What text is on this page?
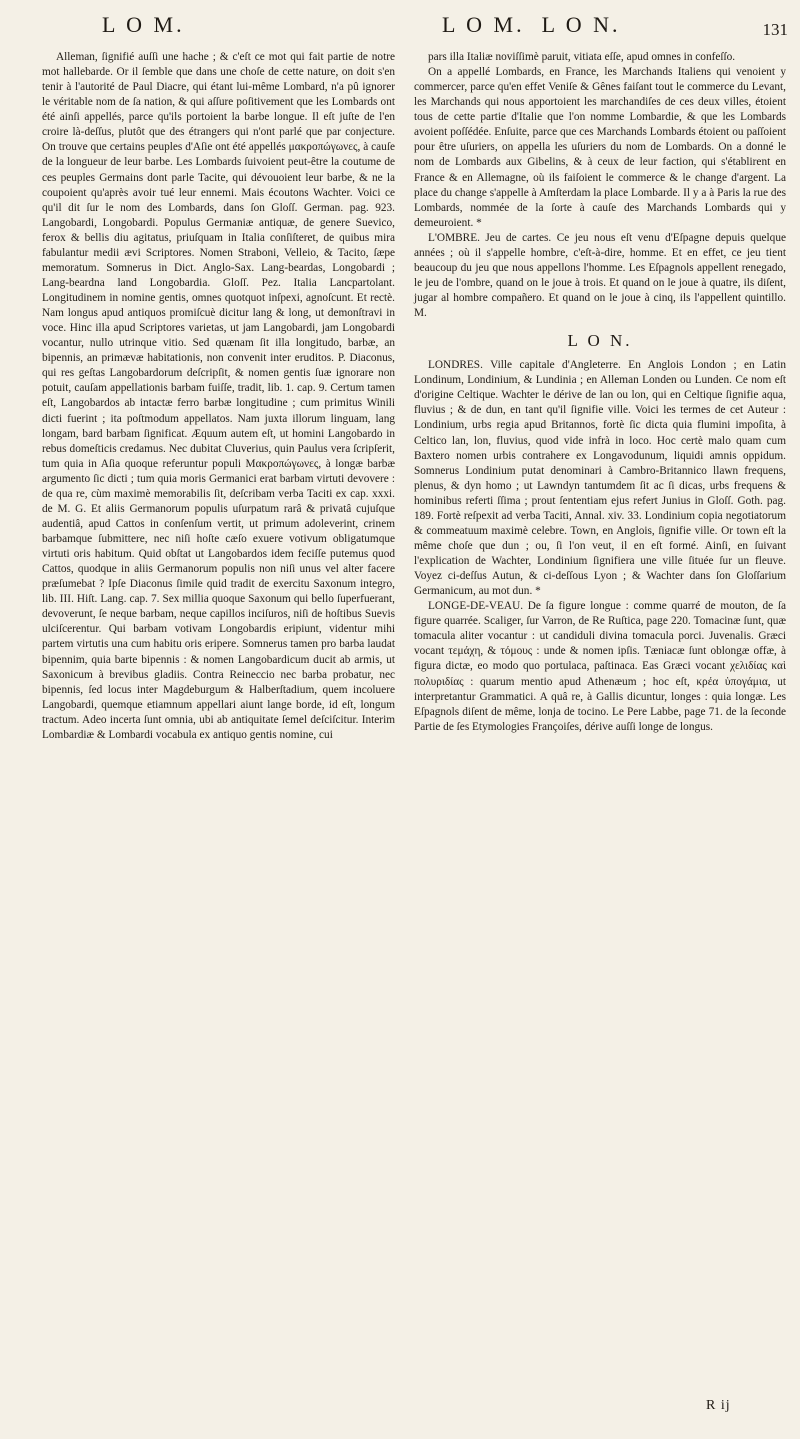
L O M.

	L O M.  L O N.

	131

Alleman, ſignifié auſſi une hache ; & c'eſt ce mot qui fait partie de notre mot hallebarde. Or il ſemble que dans une choſe de cette nature, on doit s'en tenir à l'autorité de Paul Diacre, qui étant lui-même Lombard, n'a pû ignorer le véritable nom de ſa nation, & qui aſſure poſitivement que les Lombards ont été ainſi appellés, parce qu'ils portoient la barbe longue. Il eſt juſte de l'en croire là-deſſus, plutôt que des étrangers qui n'ont parlé que par conjecture. On trouve que certains peuples d'Aſie ont été appellés μακροπώγωνες, à cauſe de la longueur de leur barbe. Les Lombards ſuivoient peut-être la coutume de ces peuples Germains dont parle Tacite, qui dévouoient leur barbe, & ne la coupoient qu'après avoir tué leur ennemi. Mais écoutons Wachter. Voici ce qu'il dit ſur le nom des Lombards, dans ſon Gloſſ. German. pag. 923. Langobardi, Longobardi. Populus Germaniæ antiquæ, de genere Suevico, ferox & bellis diu agitatus, priuſquam in Italia conſiſteret, de quibus mira fabulantur medii ævi Scriptores. Nomen Straboni, Velleio, & Tacito, ſæpe memoratum. Somnerus in Dict. Anglo-Sax. Lang-beardas, Longobardi ; Lang-beardna land Longobardia. Gloſſ. Pez. Italia Lancpartolant. Longitudinem in nomine gentis, omnes quotquot inſpexi, agnoſcunt. Et rectè. Nam longus apud antiquos promiſcuè dicitur lang & long, ut demonſtravi in voce. Hinc illa apud Scriptores varietas, ut jam Langobardi, jam Longobardi vocantur, nullo utrinque vitio. Sed quænam ſit illa longitudo, barbæ, an bipennis, an primævæ habitationis, non convenit inter eruditos. P. Diaconus, qui res geſtas Langobardorum deſcripſit, & nomen gentis ſuæ ignorare non potuit, cauſam appellationis barbam fuiſſe, tradit, lib. 1. cap. 9. Certum tamen eſt, Langobardos ab intactæ ferro barbæ longitudine ; cum primitus Winili dicti fuerint ; ita poſtmodum appellatos. Nam juxta illorum linguam, lang longam, bard barbam ſignificat. Æquum autem eſt, ut homini Langobardo in rebus domeſticis credamus. Nec dubitat Cluverius, quin Paulus vera ſcripſerit, tum quia in Aſia quoque referuntur populi Μακροπώγωνες, à longæ barbæ argumento ſic dicti ; tum quia moris Germanici erat barbam virtuti devovere : de qua re, cùm maximè memorabilis ſit, deſcribam verba Taciti ex cap. xxxi. de M. G. Et aliis Germanorum populis uſurpatum rarâ & privatâ cujuſque audentiâ, apud Cattos in conſenſum vertit, ut primum adoleverint, crinem barbamque ſubmittere, nec niſi hoſte cæſo exuere votivum obligatumque virtuti oris habitum. Quid obſtat ut Langobardos idem feciſſe putemus quod Cattos, quodque in aliis Germanorum populis non niſi unus vel alter facere præſumebat ? Ipſe Diaconus ſimile quid tradit de exercitu Saxonum integro, lib. III. Hiſt. Lang. cap. 7. Sex millia quoque Saxonum qui bello ſuperfuerant, devoverunt, ſe neque barbam, neque capillos inciſuros, niſi de hoſtibus Suevis ulciſcerentur. Qui barbam votivam Longobardis eripiunt, videntur mihi partem virtutis una cum habitu oris eripere. Somnerus tamen pro barba laudat bipennim, quia barte bipennis : & nomen Langobardicum ducit ab armis, ut Saxonicum à brevibus gladiis. Contra Reineccio nec barba probatur, nec bipennis, ſed locus inter Magdeburgum & Halberſtadium, quem incoluere Langobardi, quemque etiamnum appellari aiunt lange borde, id eſt, longum tractum. Adeo incerta ſunt omnia, ubi ab antiquitate ſemel deſciſcitur. Interim Lombardiæ & Lombardi vocabula ex antiquo gentis nomine, cui

pars illa Italiæ noviſſimè paruit, vitiata eſſe, apud omnes in confeſſo.

On a appellé Lombards, en France, les Marchands Italiens qui venoient y commercer, parce qu'en effet Veniſe & Gênes faiſant tout le commerce du Levant, les Marchands qui nous apportoient les marchandiſes de ces deux villes, étoient tous de cette partie d'Italie que l'on nomme Lombardie, & que les Lombards avoient poſſédée. Enſuite, parce que ces Marchands Lombards étoient ou paſſoient pour être uſuriers, on appella les uſuriers du nom de Lombards. On a donné le nom de Lombards aux Gibelins, & à ceux de leur faction, qui s'établirent en France & en Allemagne, où ils faiſoient le commerce & le change d'argent. La place du change s'appelle à Amſterdam la place Lombarde. Il y a à Paris la rue des Lombards, nommée de la ſorte à cauſe des Marchands Lombards qui y demeuroient. *

L'OMBRE. Jeu de cartes. Ce jeu nous eſt venu d'Eſpagne depuis quelque années ; où il s'appelle hombre, c'eſt-à-dire, homme. Et en effet, ce jeu tient beaucoup du jeu que nous appellons l'homme. Les Eſpagnols appellent renegado, le jeu de l'ombre, quand on le joue à trois. Et quand on le joue à quatre, ils diſent, jugar al hombre compañero. Et quand on le joue à cinq, ils l'appellent quintillo. M.

L O N.

LONDRES. Ville capitale d'Angleterre. En Anglois London ; en Latin Londinum, Londinium, & Lundinia ; en Alleman Londen ou Lunden. Ce nom eſt d'origine Celtique. Wachter le dérive de lan ou lon, qui en Celtique ſignifie aqua, fluvius ; & de dun, en tant qu'il ſignifie ville. Voici les termes de cet Auteur : Londinium, urbs regia apud Britannos, fortè ſic dicta quia flumini impoſita, à Celtico lan, lon, fluvius, quod vide infrà in loco. Hoc certè malo quam cum Baxtero nomen urbis contrahere ex Longavodunum, liquidi amnis oppidum. Somnerus Londinium putat denominari à Cambro-Britannico llawn frequens, plenus, & dyn homo ; ut Lawndyn tantumdem ſit ac ſi dicas, urbs frequens & hominibus referti ſſima ; prout ſententiam ejus refert Junius in Gloſſ. Goth. pag. 189. Fortè reſpexit ad verba Taciti, Annal. xiv. 33. Londinium copia negotiatorum & commeatuum maximè celebre. Town, en Anglois, ſignifie ville. Or town eſt la même choſe que dun ; ou, ſi l'on veut, il en eſt formé. Ainſi, en ſuivant l'explication de Wachter, Londinium ſignifiera une ville ſituée ſur un fleuve. Voyez ci-deſſus Autun, & ci-deſſous Lyon ; & Wachter dans ſon Gloſſarium Germanicum, au mot dun. *

LONGE-DE-VEAU. De ſa figure longue : comme quarré de mouton, de ſa figure quarrée. Scaliger, ſur Varron, de Re Ruſtica, page 220. Tomacinæ ſunt, quæ tomacula aliter vocantur : ut candiduli divina tomacula porci. Juvenalis. Græci vocant τεμάχη, & τόμους : unde & nomen ipſis. Tæniacæ ſunt oblongæ offæ, à figura dictæ, eo modo quo portulaca, paſtinaca. Eas Græci vocant χελιδίας καὶ πολυριδίας : quarum mentio apud Athenæum ; hoc eſt, κρέα ὑπογάμια, ut interpretantur Grammatici. A quâ re, à Gallis dicuntur, longes : quia longæ. Les Eſpagnols diſent de même, lonja de tocino. Le Pere Labbe, page 71. de la ſeconde Partie de ſes Etymologies Françoiſes, dérive auſſi longe de longus.

R ij
